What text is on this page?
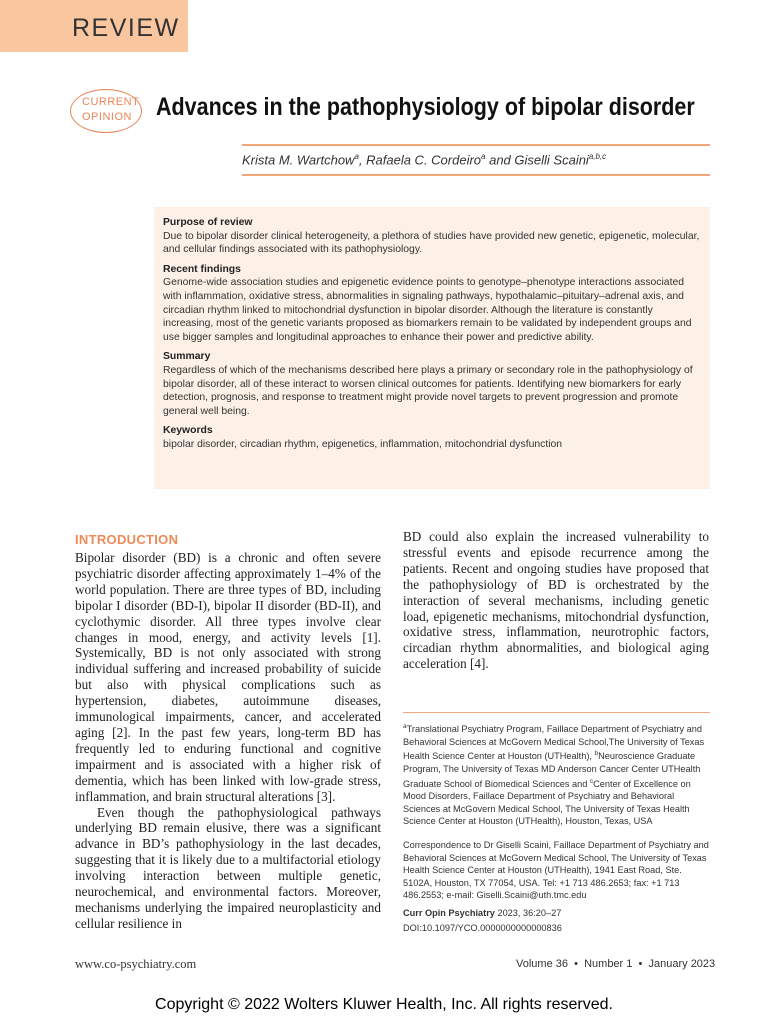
REVIEW
CURRENT
OPINION Advances in the pathophysiology of bipolar disorder
Krista M. Wartchow$^a$, Rafaela C. Cordeiro$^a$ and Giselli Scaini$^{a,b,c}$
Purpose of review
Due to bipolar disorder clinical heterogeneity, a plethora of studies have provided new genetic, epigenetic, molecular, and cellular findings associated with its pathophysiology.
Recent findings
Genome-wide association studies and epigenetic evidence points to genotype–phenotype interactions associated with inflammation, oxidative stress, abnormalities in signaling pathways, hypothalamic–pituitary–adrenal axis, and circadian rhythm linked to mitochondrial dysfunction in bipolar disorder. Although the literature is constantly increasing, most of the genetic variants proposed as biomarkers remain to be validated by independent groups and use bigger samples and longitudinal approaches to enhance their power and predictive ability.
Summary
Regardless of which of the mechanisms described here plays a primary or secondary role in the pathophysiology of bipolar disorder, all of these interact to worsen clinical outcomes for patients. Identifying new biomarkers for early detection, prognosis, and response to treatment might provide novel targets to prevent progression and promote general well being.
Keywords
bipolar disorder, circadian rhythm, epigenetics, inflammation, mitochondrial dysfunction
INTRODUCTION

Bipolar disorder (BD) is a chronic and often severe psychiatric disorder affecting approximately 1–4% of the world population. There are three types of BD, including bipolar I disorder (BD-I), bipolar II disorder (BD-II), and cyclothymic disorder. All three types involve clear changes in mood, energy, and activity levels [1]. Systemically, BD is not only associated with strong individual suffering and increased probability of suicide but also with physical complications such as hypertension, diabetes, autoimmune diseases, immunological impairments, cancer, and accelerated aging [2]. In the past few years, long-term BD has frequently led to enduring functional and cognitive impairment and is associated with a higher risk of dementia, which has been linked with low-grade stress, inflammation, and brain structural alterations [3].

Even though the pathophysiological pathways underlying BD remain elusive, there was a significant advance in BD’s pathophysiology in the last decades, suggesting that it is likely due to a multifactorial etiology involving interaction between multiple genetic, neurochemical, and environmental factors. Moreover, mechanisms underlying the impaired neuroplasticity and cellular resilience in

BD could also explain the increased vulnerability to stressful events and episode recurrence among the patients. Recent and ongoing studies have proposed that the pathophysiology of BD is orchestrated by the interaction of several mechanisms, including genetic load, epigenetic mechanisms, mitochondrial dysfunction, oxidative stress, inflammation, neurotrophic factors, circadian rhythm abnormalities, and biological aging acceleration [4].

$^a$Translational Psychiatry Program, Faillace Department of Psychiatry and Behavioral Sciences at McGovern Medical School,The University of Texas Health Science Center at Houston (UTHealth), $^b$Neuroscience Graduate Program, The University of Texas MD Anderson Cancer Center UTHealth Graduate School of Biomedical Sciences and $^c$Center of Excellence on Mood Disorders, Faillace Department of Psychiatry and Behavioral Sciences at McGovern Medical School, The University of Texas Health Science Center at Houston (UTHealth), Houston, Texas, USA
Correspondence to Dr Giselli Scaini, Faillace Department of Psychiatry and Behavioral Sciences at McGovern Medical School, The University of Texas Health Science Center at Houston (UTHealth), 1941 East Road, Ste. 5102A, Houston, TX 77054, USA. Tel: +1 713 486.2653; fax: +1 713 486.2553; e-mail: Giselli.Scaini@uth.tmc.edu
Curr Opin Psychiatry 2023, 36:20–27
DOI:10.1097/YCO.0000000000000836
www.co-psychiatry.com	Volume 36 • Number 1 • January 2023
Copyright © 2022 Wolters Kluwer Health, Inc. All rights reserved.
